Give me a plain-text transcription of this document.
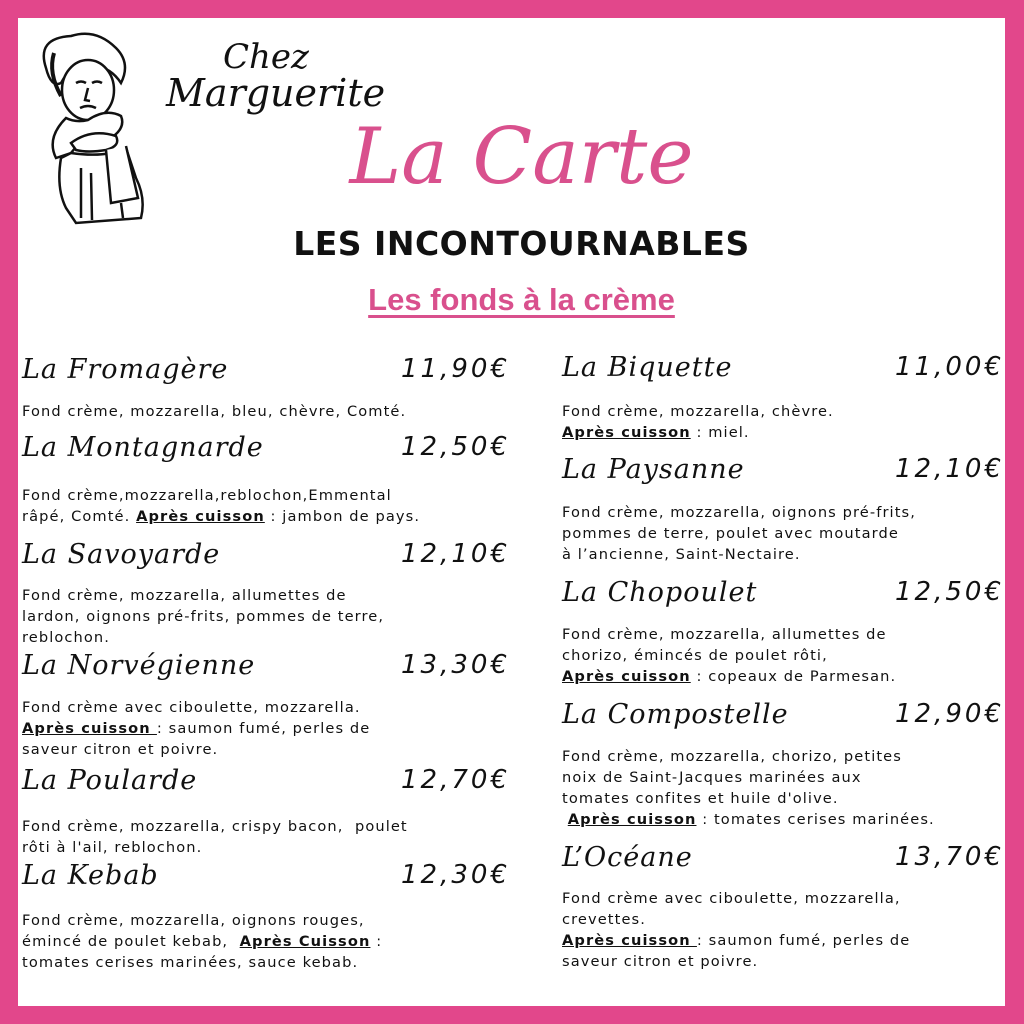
Chez
Marguerite
La Carte
LES INCONTOURNABLES
Les fonds à la crème
La Fromagère	11,90€
Fond crème, mozzarella, bleu, chèvre, Comté.
La Montagnarde	12,50€
Fond crème,mozzarella,reblochon,Emmental
râpé, Comté. Après cuisson : jambon de pays.
La Savoyarde	12,10€
Fond crème, mozzarella, allumettes de
lardon, oignons pré-frits, pommes de terre,
reblochon.
La Norvégienne	13,30€
Fond crème avec ciboulette, mozzarella.
Après cuisson : saumon fumé, perles de
saveur citron et poivre.
La Poularde	12,70€
Fond crème, mozzarella, crispy bacon,  poulet
rôti à l'ail, reblochon.
La Kebab	12,30€
Fond crème, mozzarella, oignons rouges,
émincé de poulet kebab,  Après Cuisson :
tomates cerises marinées, sauce kebab.
La Biquette	11,00€
Fond crème, mozzarella, chèvre.
Après cuisson : miel.
La Paysanne	12,10€
Fond crème, mozzarella, oignons pré-frits,
pommes de terre, poulet avec moutarde
à l’ancienne, Saint-Nectaire.
La Chopoulet	12,50€
Fond crème, mozzarella, allumettes de
chorizo, émincés de poulet rôti,
Après cuisson : copeaux de Parmesan.
La Compostelle	12,90€
Fond crème, mozzarella, chorizo, petites
noix de Saint-Jacques marinées aux
tomates confites et huile d'olive.
Après cuisson : tomates cerises marinées.
L’Océane	13,70€
Fond crème avec ciboulette, mozzarella,
crevettes.
Après cuisson : saumon fumé, perles de
saveur citron et poivre.
